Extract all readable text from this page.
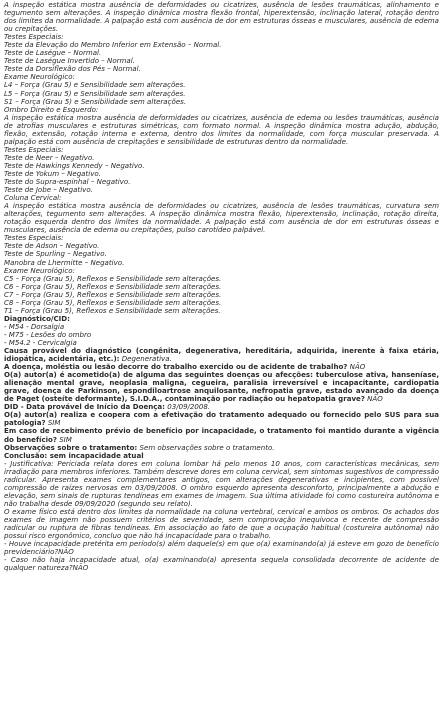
A inspeção estática mostra ausência de deformidades ou cicatrizes, ausência de lesões traumáticas, alinhamento e tegumento sem alterações. A inspeção dinâmica mostra flexão frontal, hiperextensão, inclinação lateral, rotação dentro dos limites da normalidade. A palpação está com ausência de dor em estruturas ósseas e musculares, ausência de edema ou crepitações.
Testes Especiais:
Teste da Elevação do Membro Inferior em Extensão – Normal.
Teste de Laségue – Normal.
Teste de Laségue Invertido – Normal.
Teste da Dorsiflexão dos Pés – Normal.
Exame Neurológico:
L4 – Força (Grau 5) e Sensibilidade sem alterações.
L5 – Força (Grau 5) e Sensibilidade sem alterações.
S1 – Força (Grau 5) e Sensibilidade sem alterações.
Ombro Direito e Esquerdo:
A inspeção estática mostra ausência de deformidades ou cicatrizes, ausência de edema ou lesões traumáticas, ausência de atrofias musculares e estruturas simétricas, com formato normal. A inspeção dinâmica mostra adução, abdução, flexão, extensão, rotação interna e externa, dentro dos limites da normalidade, com força muscular preservada. A palpação está com ausência de crepitações e sensibilidade de estruturas dentro da normalidade.
Testes Especiais:
Teste de Neer – Negativo.
Teste de Hawkings Kennedy – Negativo.
Teste de Yokum – Negativo.
Teste do Supra-espinhal – Negativo.
Teste de Jobe – Negativo.
Coluna Cervical:
A inspeção estática mostra ausência de deformidades ou cicatrizes, ausência de lesões traumáticas, curvatura sem alterações, tegumento sem alterações. A inspeção dinâmica mostra flexão, hiperextensão, inclinação, rotação direita, rotação esquerda dentro dos limites da normalidade. A palpação está com ausência de dor em estruturas ósseas e musculares, ausência de edema ou crepitações, pulso carotídeo palpável.
Testes Especiais:
Teste de Adson – Negativo.
Teste de Spurling – Negativo.
Manobra de Lhermitte – Negativo.
Exame Neurológico:
C5 – Força (Grau 5), Reflexos e Sensibilidade sem alterações.
C6 – Força (Grau 5), Reflexos e Sensibilidade sem alterações.
C7 – Força (Grau 5), Reflexos e Sensibilidade sem alterações.
C8 – Força (Grau 5), Reflexos e Sensibilidade sem alterações.
T1 – Força (Grau 5), Reflexos e Sensibilidade sem alterações.
Diagnóstico/CID:
- M54 - Dorsalgia
- M75 - Lesões do ombro
- M54.2 - Cervicalgia
Causa provável do diagnóstico (congênita, degenerativa, hereditária, adquirida, inerente à faixa etária, idiopática, acidentária, etc.): Degenerativa.
A doença, moléstia ou lesão decorre do trabalho exercido ou de acidente de trabalho? NÃO
O(a) autor(a) é acometido(a) de alguma das seguintes doenças ou afecções: tuberculose ativa, hanseníase, alienação mental grave, neoplasia maligna, cegueira, paralisia irreversível e incapacitante, cardiopatia grave, doença de Parkinson, espondiloartrose anquilosante, nefropatia grave, estado avançado da doença de Paget (osteíte deformante), S.I.D.A., contaminação por radiação ou hepatopatia grave? NÃO
DID - Data provável de Início da Doença: 03/09/2008.
O(a) autor(a) realiza e coopera com a efetivação do tratamento adequado ou fornecido pelo SUS para sua patologia? SIM
Em caso de recebimento prévio de benefício por incapacidade, o tratamento foi mantido durante a vigência do benefício? SIM
Observações sobre o tratamento: Sem observações sobre o tratamento.
Conclusão: sem incapacidade atual
- Justificativa: Periciada relata dores em coluna lombar há pelo menos 10 anos, com características mecânicas, sem irradiação para membros inferiores. Também descreve dores em coluna cervical, sem sintomas sugestivos de compressão radicular. Apresenta exames complementares antigos, com alterações degenerativas e incipientes, com possível compressão de raízes nervosas em 03/09/2008. O ombro esquerdo apresenta desconforto, principalmente a abdução e elevação, sem sinais de rupturas tendíneas em exames de imagem. Sua última atividade foi como costureira autônoma e não trabalha desde 09/09/2020 (segundo seu relato).
O exame físico está dentro dos limites da normalidade na coluna vertebral, cervical e ambos os ombros. Os achados dos exames de imagem não possuem critérios de severidade, sem comprovação inequívoca e recente de compressão radicular ou ruptura de fibras tendíneas. Em associação ao fato de que a ocupação habitual (costureira autônoma) não possui risco ergonômico, concluo que não há incapacidade para o trabalho.
- Houve incapacidade pretérita em período(s) além daquele(s) em que o(a) examinando(a) já esteve em gozo de benefício previdenciário?NÃO
- Caso não haja incapacidade atual, o(a) examinando(a) apresenta sequela consolidada decorrente de acidente de qualquer natureza?NÃO
